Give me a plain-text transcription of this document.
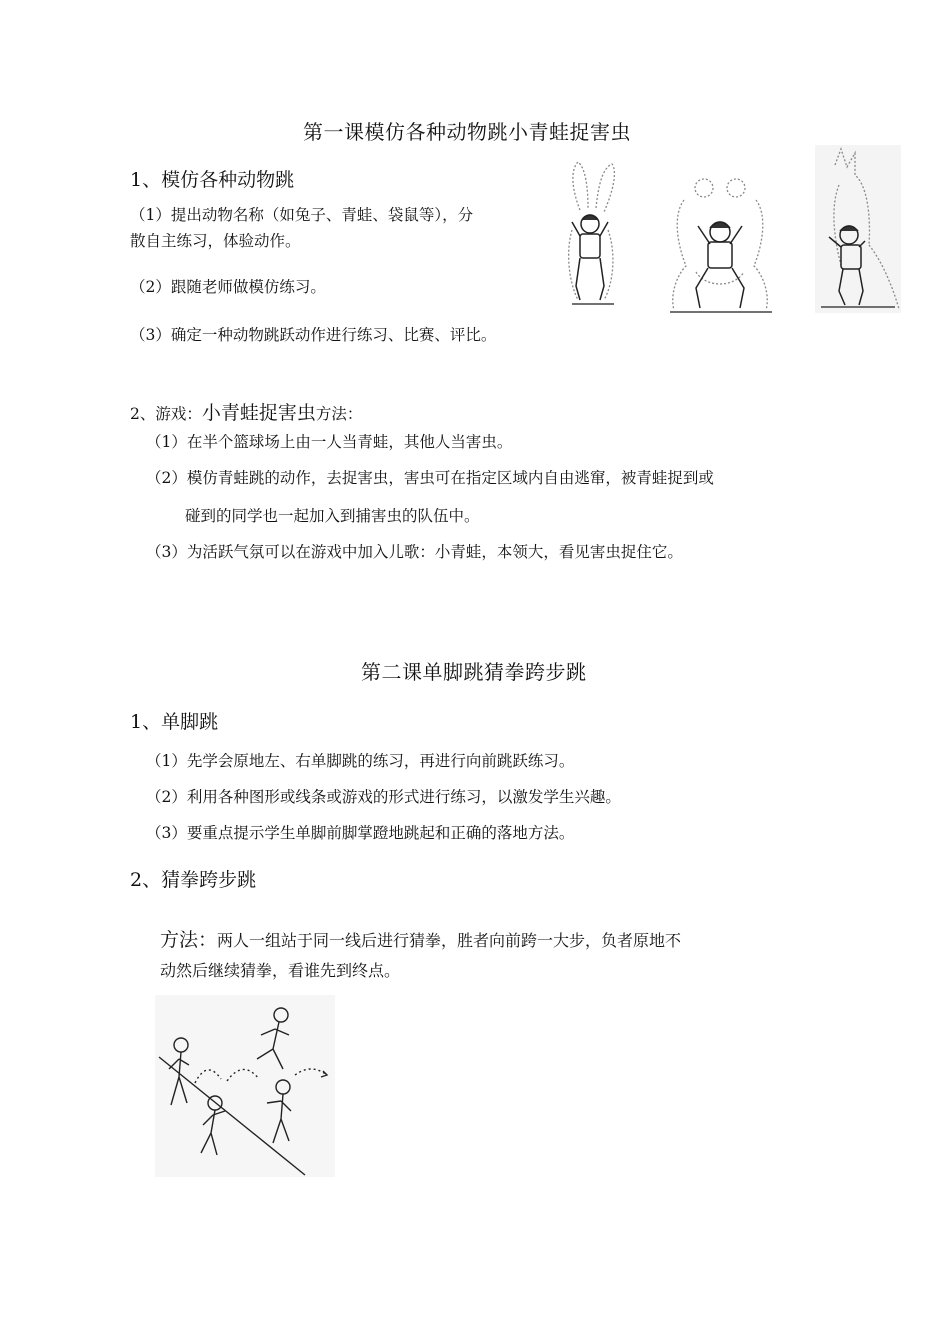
第一课模仿各种动物跳小青蛙捉害虫
1、模仿各种动物跳
（1）提出动物名称（如兔子、青蛙、袋鼠等），分
散自主练习，体验动作。
（2）跟随老师做模仿练习。
（3）确定一种动物跳跃动作进行练习、比赛、评比。
2、游戏：小青蛙捉害虫方法：
（1）在半个篮球场上由一人当青蛙，其他人当害虫。
（2）模仿青蛙跳的动作，去捉害虫，害虫可在指定区域内自由逃窜，被青蛙捉到或
碰到的同学也一起加入到捕害虫的队伍中。
（3）为活跃气氛可以在游戏中加入儿歌：小青蛙，本领大，看见害虫捉住它。
第二课单脚跳猜拳跨步跳
1、单脚跳
（1）先学会原地左、右单脚跳的练习，再进行向前跳跃练习。
（2）利用各种图形或线条或游戏的形式进行练习，以激发学生兴趣。
（3）要重点提示学生单脚前脚掌蹬地跳起和正确的落地方法。
2、猜拳跨步跳
方法：两人一组站于同一线后进行猜拳，胜者向前跨一大步，负者原地不
动然后继续猜拳，看谁先到终点。
